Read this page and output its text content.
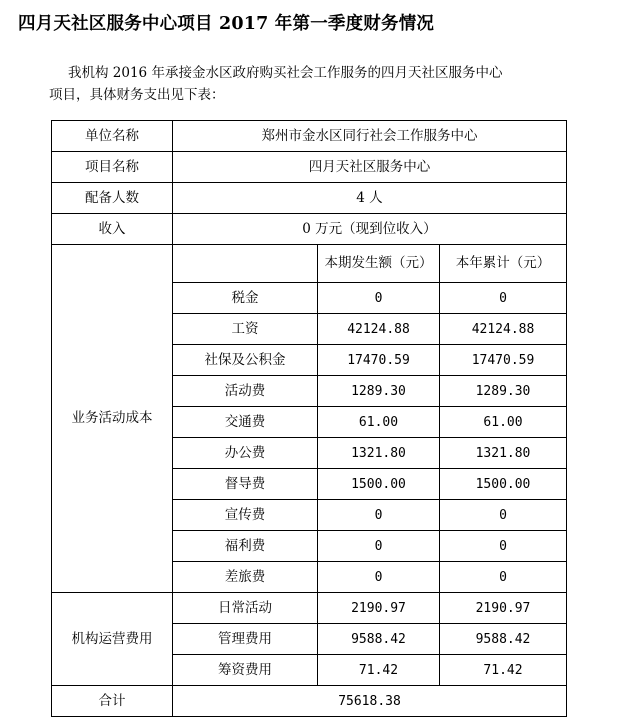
四月天社区服务中心项目 2017 年第一季度财务情况

我机构 2016 年承接金水区政府购买社会工作服务的四月天社区服务中心

项目，具体财务支出见下表：

单位名称	郑州市金水区同行社会工作服务中心		
项目名称	四月天社区服务中心		
配备人数	4 人		
收入	0 万元（现到位收入）		
业务活动成本		本期发生额（元）	本年累计（元）
	税金	0	0
	工资	42124.88	42124.88
	社保及公积金	17470.59	17470.59
	活动费	1289.30	1289.30
	交通费	61.00	61.00
	办公费	1321.80	1321.80
	督导费	1500.00	1500.00
	宣传费	0	0
	福利费	0	0
	差旅费	0	0
机构运营费用	日常活动	2190.97	2190.97
	管理费用	9588.42	9588.42
	筹资费用	71.42	71.42
合计	75618.38		
